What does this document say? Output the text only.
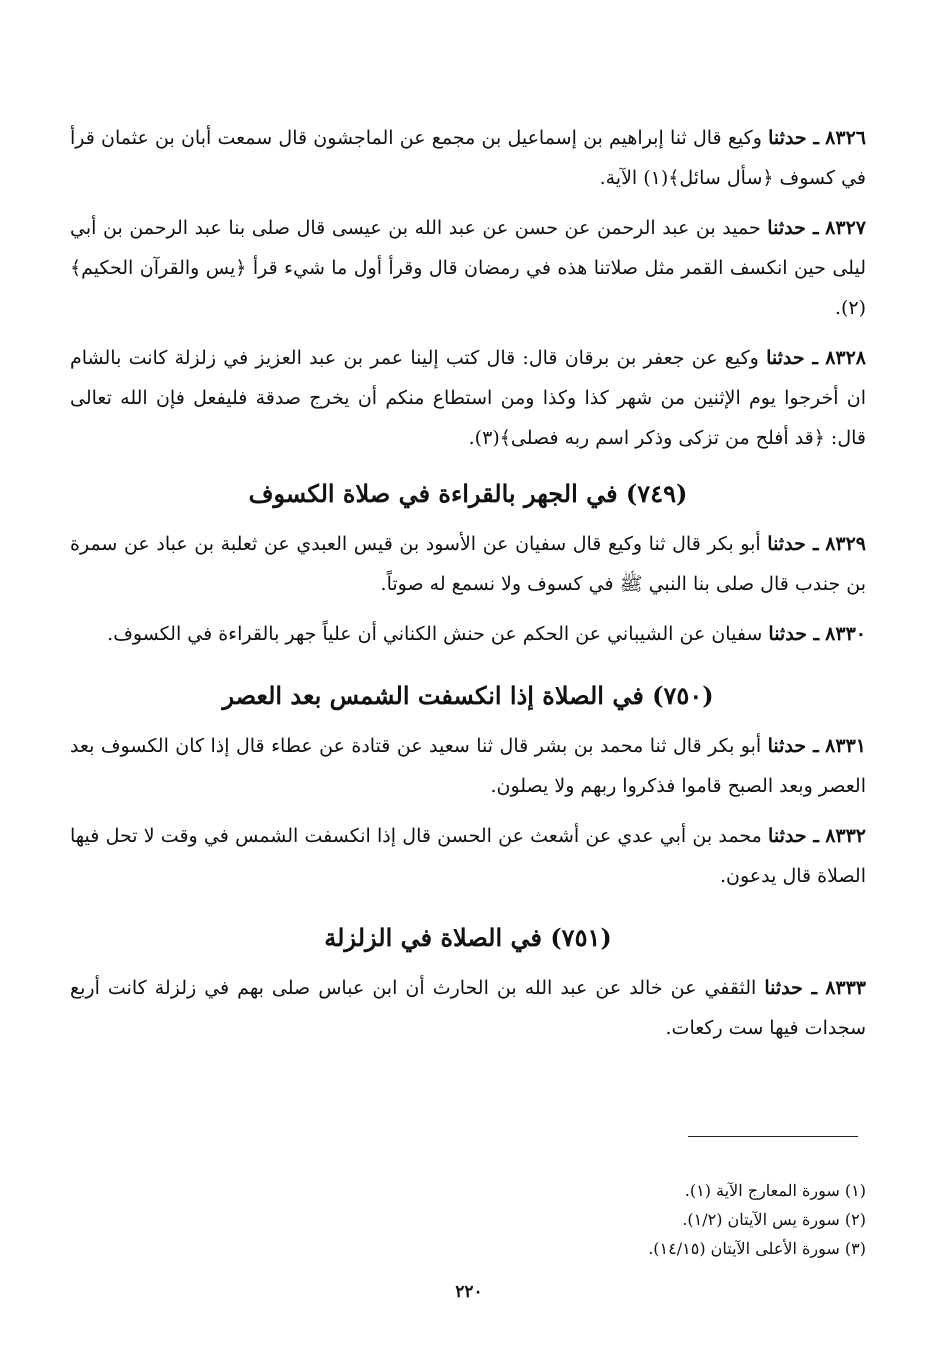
٨٣٢٦ ـ حدثنا وكيع قال ثنا إبراهيم بن إسماعيل بن مجمع عن الماجشون قال سمعت أبان بن عثمان قرأ في كسوف ﴿سأل سائل﴾(١) الآية.

٨٣٢٧ ـ حدثنا حميد بن عبد الرحمن عن حسن عن عبد الله بن عيسى قال صلى بنا عبد الرحمن بن أبي ليلى حين انكسف القمر مثل صلاتنا هذه في رمضان قال وقرأ أول ما شيء قرأ ﴿يس والقرآن الحكيم﴾(٢).

٨٣٢٨ ـ حدثنا وكيع عن جعفر بن برقان قال: قال كتب إلينا عمر بن عبد العزيز في زلزلة كانت بالشام ان أخرجوا يوم الإثنين من شهر كذا وكذا ومن استطاع منكم أن يخرج صدقة فليفعل فإن الله تعالى قال: ﴿قد أفلح من تزكى وذكر اسم ربه فصلى﴾(٣).

(٧٤٩) في الجهر بالقراءة في صلاة الكسوف

٨٣٢٩ ـ حدثنا أبو بكر قال ثنا وكيع قال سفيان عن الأسود بن قيس العبدي عن ثعلبة بن عباد عن سمرة بن جندب قال صلى بنا النبي ﷺ في كسوف ولا نسمع له صوتاً.

٨٣٣٠ ـ حدثنا سفيان عن الشيباني عن الحكم عن حنش الكناني أن علياً جهر بالقراءة في الكسوف.

(٧٥٠) في الصلاة إذا انكسفت الشمس بعد العصر

٨٣٣١ ـ حدثنا أبو بكر قال ثنا محمد بن بشر قال ثنا سعيد عن قتادة عن عطاء قال إذا كان الكسوف بعد العصر وبعد الصبح قاموا فذكروا ربهم ولا يصلون.

٨٣٣٢ ـ حدثنا محمد بن أبي عدي عن أشعث عن الحسن قال إذا انكسفت الشمس في وقت لا تحل فيها الصلاة قال يدعون.

(٧٥١) في الصلاة في الزلزلة

٨٣٣٣ ـ حدثنا الثقفي عن خالد عن عبد الله بن الحارث أن ابن عباس صلى بهم في زلزلة كانت أربع سجدات فيها ست ركعات.

(١) سورة المعارج الآية (١).

(٢) سورة يس الآيتان (١/٢).

(٣) سورة الأعلى الآيتان (١٤/١٥).

٢٢٠
